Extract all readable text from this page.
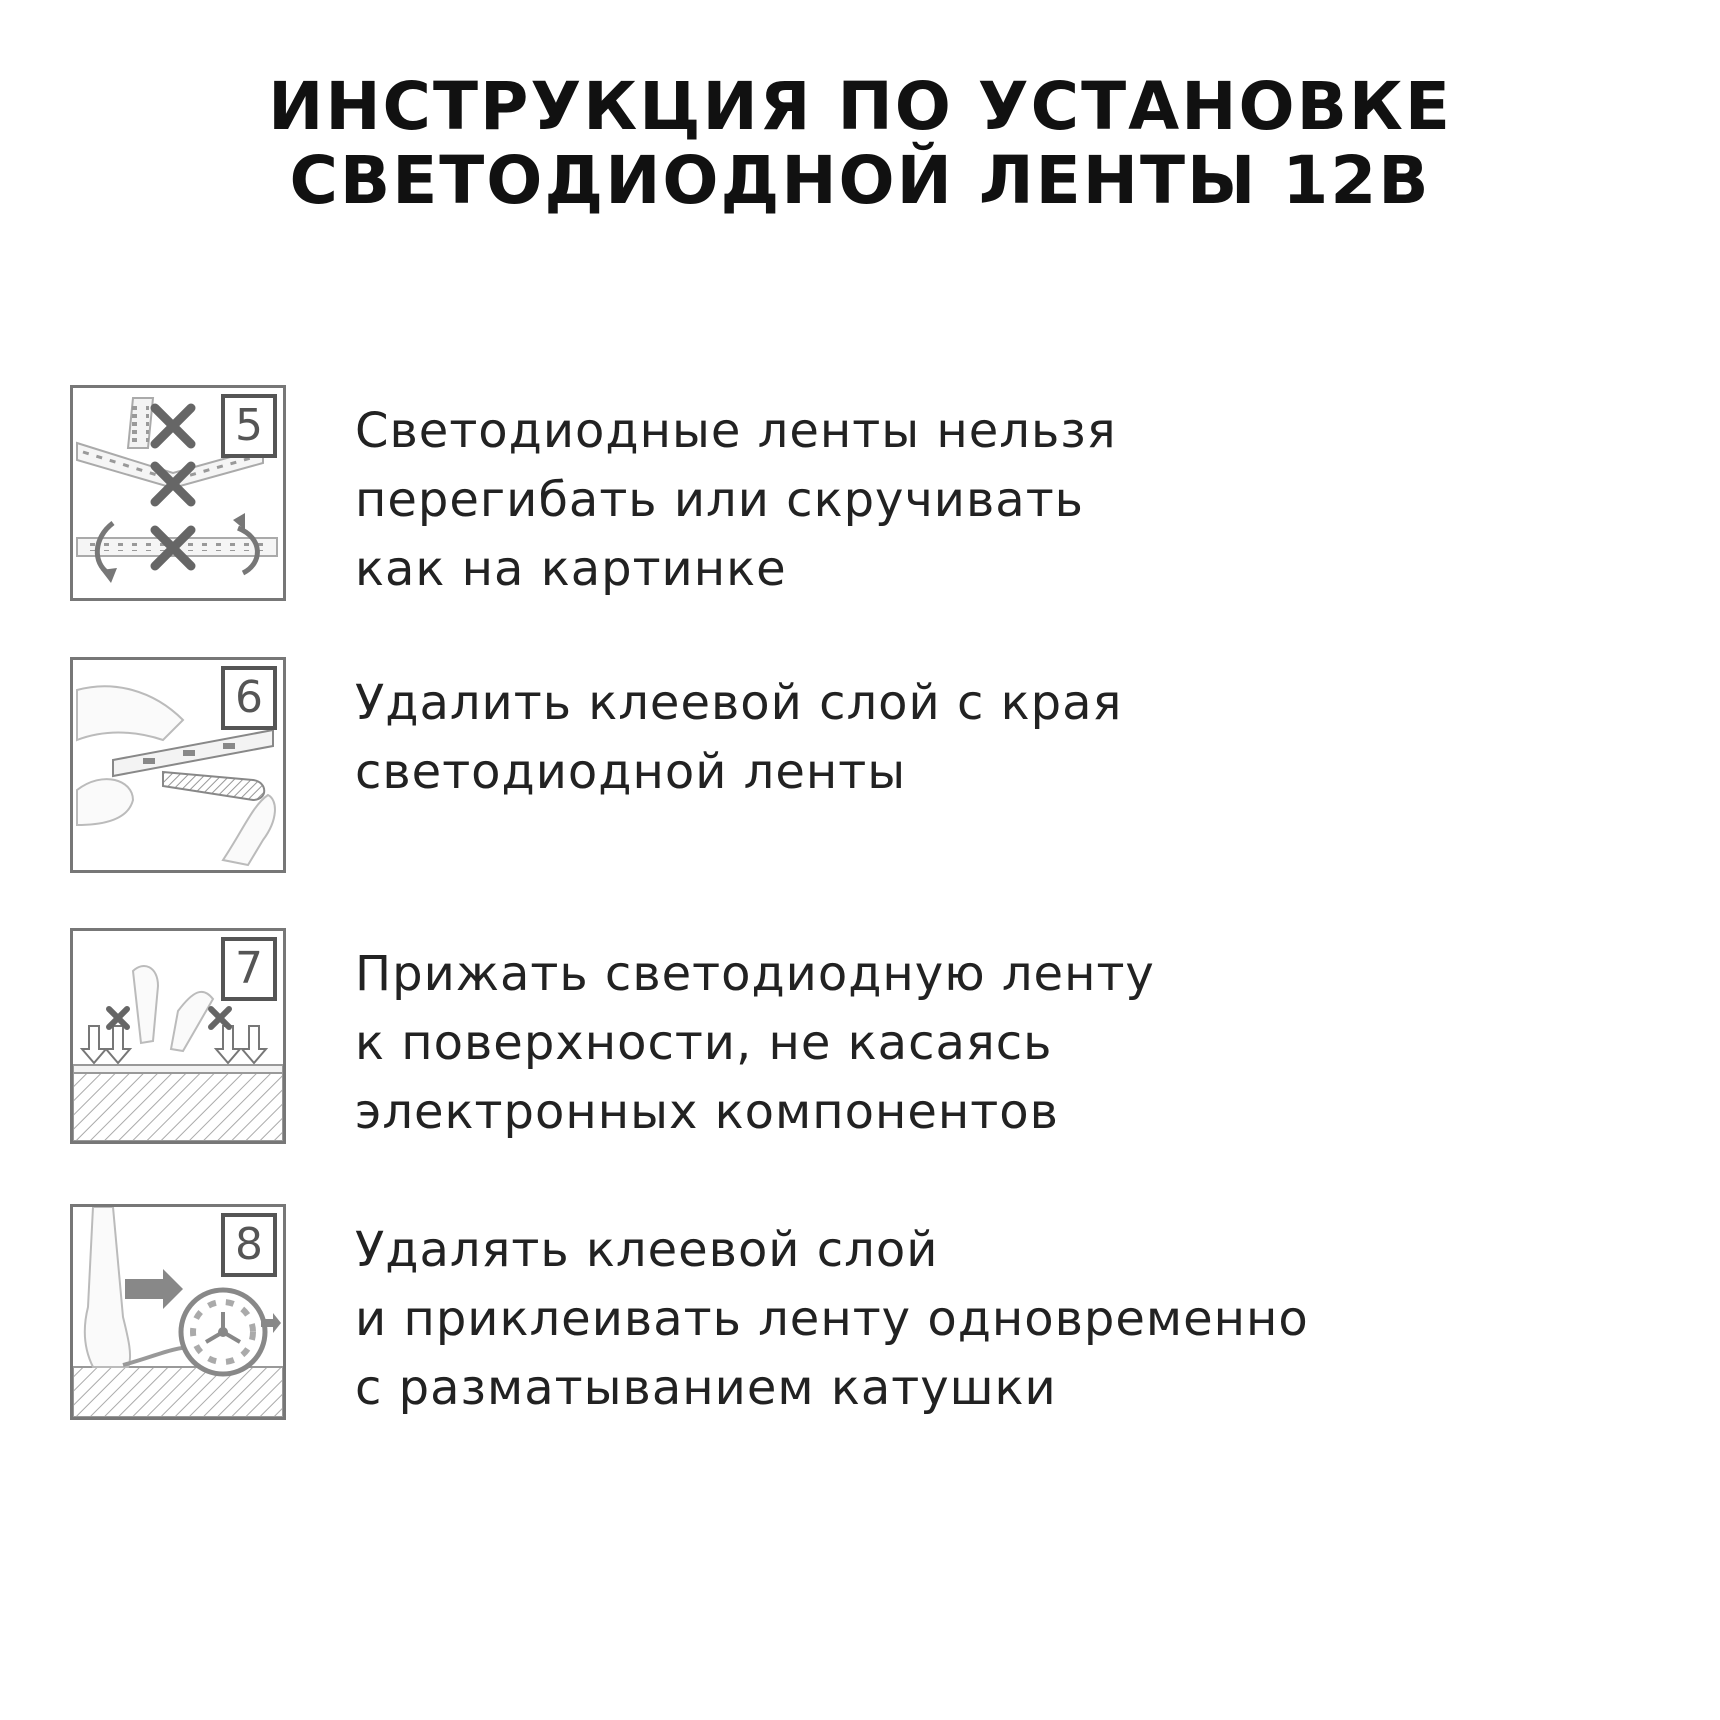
ИНСТРУКЦИЯ ПО УСТАНОВКЕ
СВЕТОДИОДНОЙ ЛЕНТЫ 12В
5 Светодиодные ленты нельзя
перегибать или скручивать
как на картинке
6 Удалить клеевой слой с края
светодиодной ленты
7 Прижать светодиодную ленту
к поверхности, не касаясь
электронных компонентов
8 Удалять клеевой слой
и приклеивать ленту одновременно
с разматыванием катушки
